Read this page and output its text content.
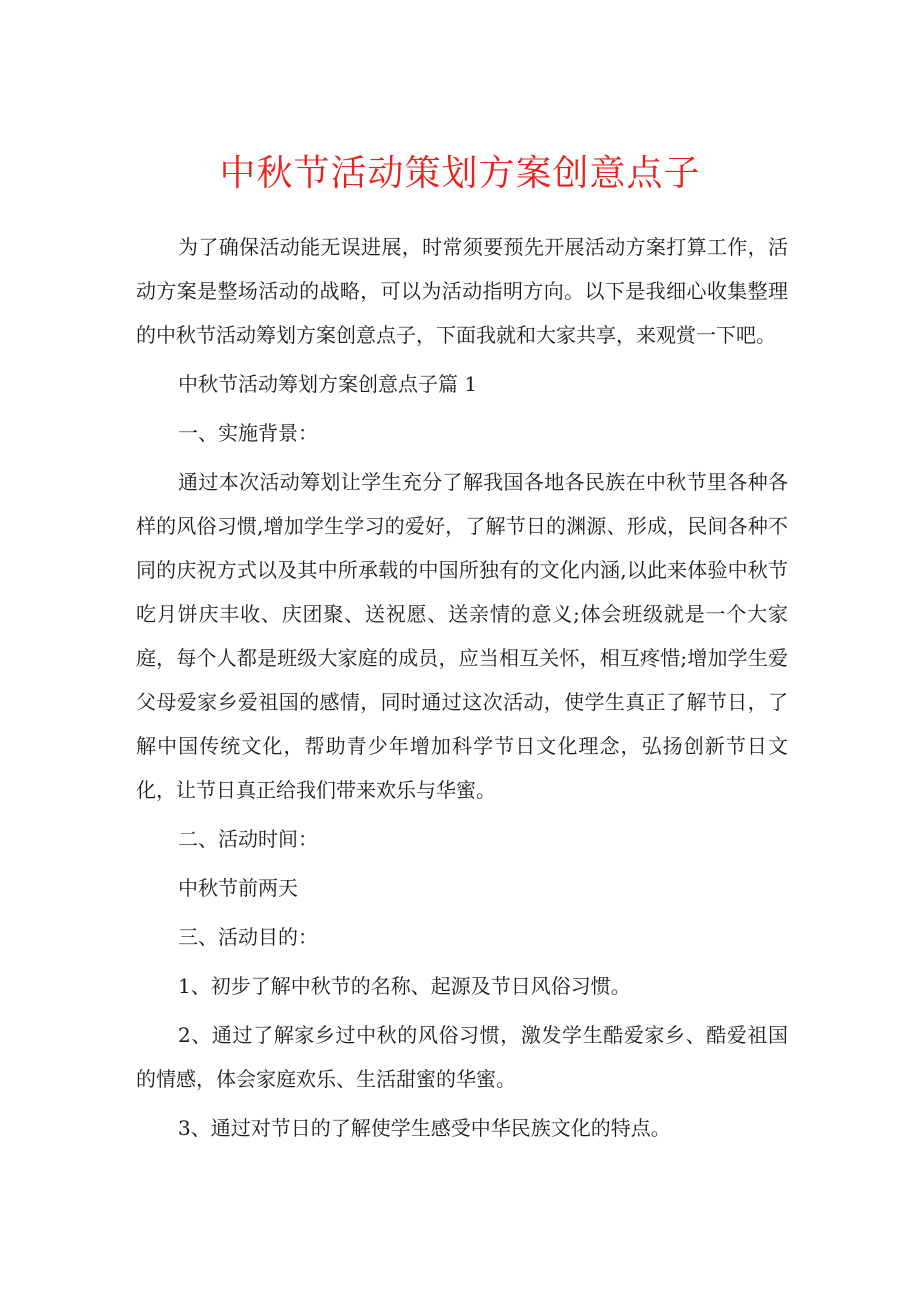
中秋节活动策划方案创意点子

为了确保活动能无误进展，时常须要预先开展活动方案打算工作，活动方案是整场活动的战略，可以为活动指明方向。以下是我细心收集整理的中秋节活动筹划方案创意点子，下面我就和大家共享，来观赏一下吧。

中秋节活动筹划方案创意点子篇 1

一、实施背景：

通过本次活动筹划让学生充分了解我国各地各民族在中秋节里各种各样的风俗习惯,增加学生学习的爱好，了解节日的渊源、形成，民间各种不同的庆祝方式以及其中所承载的中国所独有的文化内涵,以此来体验中秋节吃月饼庆丰收、庆团聚、送祝愿、送亲情的意义;体会班级就是一个大家庭，每个人都是班级大家庭的成员，应当相互关怀，相互疼惜;增加学生爱父母爱家乡爱祖国的感情，同时通过这次活动，使学生真正了解节日，了解中国传统文化，帮助青少年增加科学节日文化理念，弘扬创新节日文化，让节日真正给我们带来欢乐与华蜜。

二、活动时间：

中秋节前两天

三、活动目的：

1、初步了解中秋节的名称、起源及节日风俗习惯。

2、通过了解家乡过中秋的风俗习惯，激发学生酷爱家乡、酷爱祖国的情感，体会家庭欢乐、生活甜蜜的华蜜。

3、通过对节日的了解使学生感受中华民族文化的特点。
